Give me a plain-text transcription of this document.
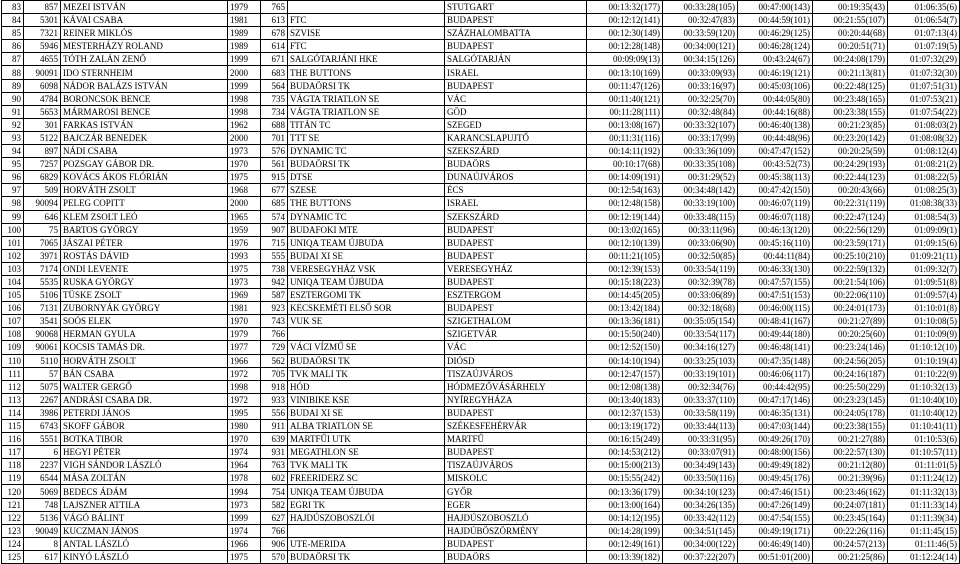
83	857	MEZEI ISTVÁN	1979	765		STUTGART	00:13:32(177)	00:33:28(105)	00:47:00(143)	00:19:35(43)	01:06:35(6)
84	5301	KÁVAI CSABA	1981	613	FTC	BUDAPEST	00:12:12(141)	00:32:47(83)	00:44:59(101)	00:21:55(107)	01:06:54(7)
85	7321	REINER MIKLÓS	1989	678	SZVISE	SZÁZHALOMBATTA	00:12:30(149)	00:33:59(120)	00:46:29(125)	00:20:44(68)	01:07:13(4)
86	5946	MESTERHÁZY ROLAND	1989	614	FTC	BUDAPEST	00:12:28(148)	00:34:00(121)	00:46:28(124)	00:20:51(71)	01:07:19(5)
87	4655	TÓTH ZALÁN ZENŐ	1999	671	SALGÓTARJÁNI HKE	SALGÓTARJÁN	00:09:09(13)	00:34:15(126)	00:43:24(67)	00:24:08(179)	01:07:32(29)
88	90091	IDO STERNHEIM	2000	683	THE BUTTONS	ISRAEL	00:13:10(169)	00:33:09(93)	00:46:19(121)	00:21:13(81)	01:07:32(30)
89	6098	NÁDOR BALÁZS ISTVÁN	1999	564	BUDAÖRSI TK	BUDAPEST	00:11:47(126)	00:33:16(97)	00:45:03(106)	00:22:48(125)	01:07:51(31)
90	4784	BORONCSOK BENCE	1998	735	VÁGTA TRIATLON SE	VÁC	00:11:40(121)	00:32:25(70)	00:44:05(80)	00:23:48(165)	01:07:53(21)
91	5653	MÁRMAROSI BENCE	1998	734	VÁGTA TRIATLON SE	GÖD	00:11:28(111)	00:32:48(84)	00:44:16(88)	00:23:38(155)	01:07:54(22)
92	301	FARKAS ISTVÁN	1962	688	TITÁN TC	SZEGED	00:13:08(167)	00:33:32(107)	00:46:40(138)	00:21:23(85)	01:08:03(2)
93	5122	BAJCZÁR BENEDEK	2000	701	TTT SE	KARANCSLAPUJTŐ	00:11:31(116)	00:33:17(99)	00:44:48(96)	00:23:20(142)	01:08:08(32)
94	897	NÁDI CSABA	1973	576	DYNAMIC TC	SZEKSZÁRD	00:14:11(192)	00:33:36(109)	00:47:47(152)	00:20:25(59)	01:08:12(4)
95	7257	POZSGAY GÁBOR DR.	1970	561	BUDAÖRSI TK	BUDAÖRS	00:10:17(68)	00:33:35(108)	00:43:52(73)	00:24:29(193)	01:08:21(2)
96	6829	KOVÁCS ÁKOS FLÓRIÁN	1975	915	DTSE	DUNAÚJVÁROS	00:14:09(191)	00:31:29(52)	00:45:38(113)	00:22:44(123)	01:08:22(5)
97	509	HORVÁTH ZSOLT	1968	677	SZESE	ÉCS	00:12:54(163)	00:34:48(142)	00:47:42(150)	00:20:43(66)	01:08:25(3)
98	90094	PELEG COPITT	2000	685	THE BUTTONS	ISRAEL	00:12:48(158)	00:33:19(100)	00:46:07(119)	00:22:31(119)	01:08:38(33)
99	646	KLEM ZSOLT LEÓ	1965	574	DYNAMIC TC	SZEKSZÁRD	00:12:19(144)	00:33:48(115)	00:46:07(118)	00:22:47(124)	01:08:54(3)
100	75	BARTOS GYÖRGY	1959	907	BUDAFOKI MTE	BUDAPEST	00:13:02(165)	00:33:11(96)	00:46:13(120)	00:22:56(129)	01:09:09(1)
101	7065	JÁSZAI PÉTER	1976	715	UNIQA TEAM ÚJBUDA	BUDAPEST	00:12:10(139)	00:33:06(90)	00:45:16(110)	00:23:59(171)	01:09:15(6)
102	3971	ROSTÁS DÁVID	1993	555	BUDAI XI SE	BUDAPEST	00:11:21(105)	00:32:50(85)	00:44:11(84)	00:25:10(210)	01:09:21(11)
103	7174	ONDI LEVENTE	1975	738	VERESEGYHÁZ VSK	VERESEGYHÁZ	00:12:39(153)	00:33:54(119)	00:46:33(130)	00:22:59(132)	01:09:32(7)
104	5535	RUSKA GYÖRGY	1973	942	UNIQA TEAM ÚJBUDA	BUDAPEST	00:15:18(223)	00:32:39(78)	00:47:57(155)	00:21:54(106)	01:09:51(8)
105	5106	TÜSKE ZSOLT	1969	587	ESZTERGOMI TK	ESZTERGOM	00:14:45(205)	00:33:06(89)	00:47:51(153)	00:22:06(110)	01:09:57(4)
106	7131	ZUBORNYÁK GYÖRGY	1981	923	KECSKEMÉTI ELSŐ SOR	BUDAPEST	00:13:42(184)	00:32:18(68)	00:46:00(115)	00:24:01(173)	01:10:01(8)
107	3541	SOÓS ELEK	1970	743	VUK SE	SZIGETHALOM	00:13:36(181)	00:35:05(154)	00:48:41(167)	00:21:27(89)	01:10:08(5)
108	90068	HERMAN GYULA	1979	766		SZIGETVÁR	00:15:50(240)	00:33:54(117)	00:49:44(180)	00:20:25(60)	01:10:09(9)
109	90061	KOCSIS TAMÁS DR.	1977	729	VÁCI VÍZMŰ SE	VÁC	00:12:52(150)	00:34:16(127)	00:46:48(141)	00:23:24(146)	01:10:12(10)
110	5110	HORVÁTH ZSOLT	1966	562	BUDAÖRSI TK	DIÓSD	00:14:10(194)	00:33:25(103)	00:47:35(148)	00:24:56(205)	01:10:19(4)
111	57	BÁN CSABA	1972	705	TVK MALI TK	TISZAÚJVÁROS	00:12:47(157)	00:33:19(101)	00:46:06(117)	00:24:16(187)	01:10:22(9)
112	5075	WALTER GERGŐ	1998	918	HÓD	HÓDMEZŐVÁSÁRHELY	00:12:08(138)	00:32:34(76)	00:44:42(95)	00:25:50(229)	01:10:32(13)
113	2267	ANDRÁSI CSABA DR.	1972	933	VINIBIKE KSE	NYÍREGYHÁZA	00:13:40(183)	00:33:37(110)	00:47:17(146)	00:23:23(145)	01:10:40(10)
114	3986	PETERDI JÁNOS	1995	556	BUDAI XI SE	BUDAPEST	00:12:37(153)	00:33:58(119)	00:46:35(131)	00:24:05(178)	01:10:40(12)
115	6743	SKOFF GÁBOR	1980	911	ALBA TRIATLON SE	SZÉKESFEHÉRVÁR	00:13:19(172)	00:33:44(113)	00:47:03(144)	00:23:38(155)	01:10:41(11)
116	5551	BOTKA TIBOR	1970	639	MARTFŰI UTK	MARTFŰ	00:16:15(249)	00:33:31(95)	00:49:26(170)	00:21:27(88)	01:10:53(6)
117	6	HEGYI PÉTER	1974	931	MEGATHLON SE	BUDAPEST	00:14:53(212)	00:33:07(91)	00:48:00(156)	00:22:57(130)	01:10:57(11)
118	2237	VIGH SÁNDOR LÁSZLÓ	1964	763	TVK MALI TK	TISZAÚJVÁROS	00:15:00(213)	00:34:49(143)	00:49:49(182)	00:21:12(80)	01:11:01(5)
119	6544	MÁSA ZOLTÁN	1978	602	FREERIDERZ SC	MISKOLC	00:15:55(242)	00:33:50(116)	00:49:45(176)	00:21:39(96)	01:11:24(12)
120	5069	BEDECS ÁDÁM	1994	754	UNIQA TEAM ÚJBUDA	GYŐR	00:13:36(179)	00:34:10(123)	00:47:46(151)	00:23:46(162)	01:11:32(13)
121	748	LAJSZNER ATTILA	1973	582	EGRI TK	EGER	00:13:00(164)	00:34:26(135)	00:47:26(149)	00:24:07(181)	01:11:33(14)
122	5136	VÁGÓ BÁLINT	1999	627	HAJDÚSZOBOSZLÓI	HAJDÚSZOBOSZLÓ	00:14:12(195)	00:33:42(112)	00:47:54(155)	00:23:45(164)	01:11:39(34)
123	90049	KUCZMAN JÁNOS	1974	766		HAJDÚBÖSZÖRMÉNY	00:14:28(199)	00:34:51(145)	00:49:19(171)	00:22:26(116)	01:11:45(15)
124	8	ANTAL LÁSZLÓ	1966	906	UTE-MERIDA	BUDAPEST	00:12:49(161)	00:34:00(122)	00:46:49(140)	00:24:57(213)	01:11:46(5)
125	617	KINYÓ LÁSZLÓ	1975	570	BUDAÖRSI TK	BUDAÖRS	00:13:39(182)	00:37:22(207)	00:51:01(200)	00:21:25(86)	01:12:24(14)
